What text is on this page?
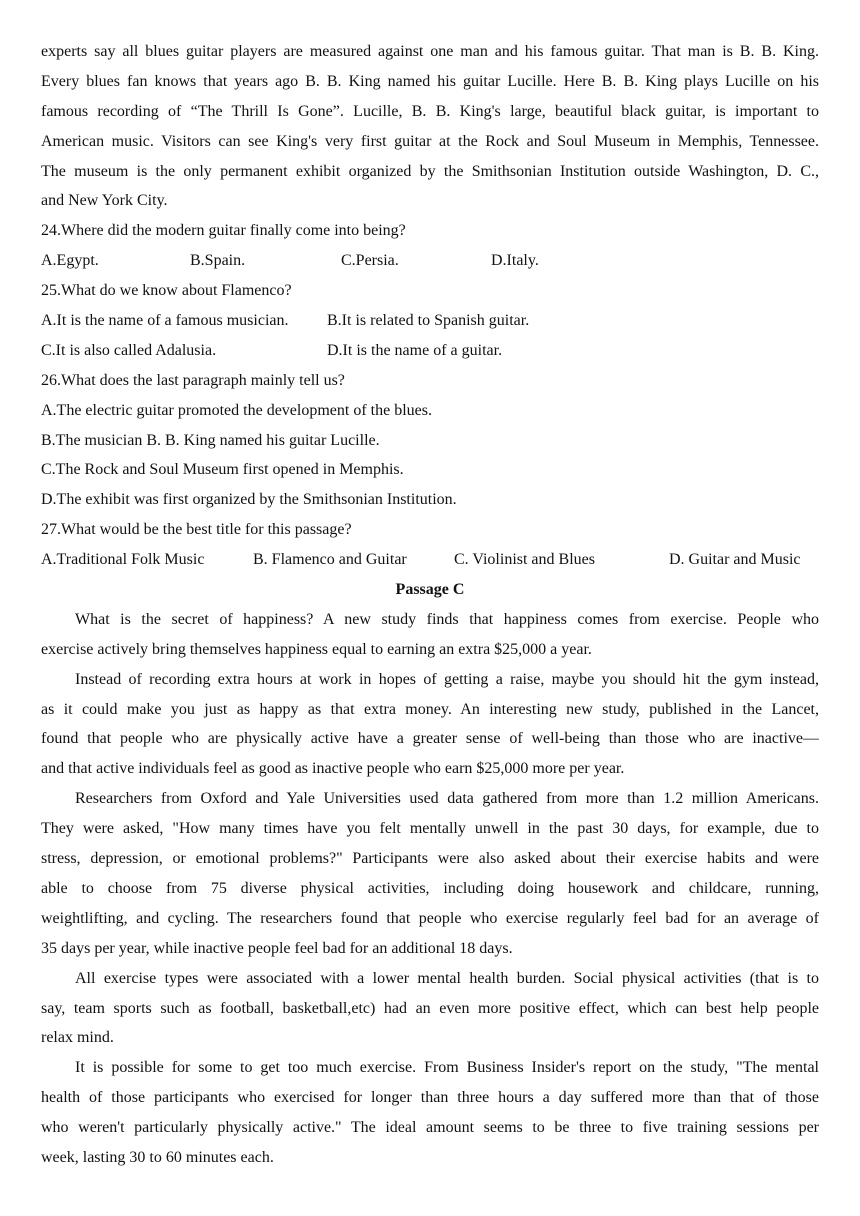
experts say all blues guitar players are measured against one man and his famous guitar. That man is B. B. King.

Every blues fan knows that years ago B. B. King named his guitar Lucille. Here B. B. King plays Lucille on his

famous recording of “The Thrill Is Gone”. Lucille, B. B. King's large, beautiful black guitar, is important to

American music. Visitors can see King's very first guitar at the Rock and Soul Museum in Memphis, Tennessee.

The museum is the only permanent exhibit organized by the Smithsonian Institution outside Washington, D. C.,

and New York City.

24.Where did the modern guitar finally come into being?

A.Egypt.	B.Spain.	C.Persia.	D.Italy.

25.What do we know about Flamenco?

A.It is the name of a famous musician.	B.It is related to Spanish guitar.

C.It is also called Adalusia.	D.It is the name of a guitar.

26.What does the last paragraph mainly tell us?

A.The electric guitar promoted the development of the blues.

B.The musician B. B. King named his guitar Lucille.

C.The Rock and Soul Museum first opened in Memphis.

D.The exhibit was first organized by the Smithsonian Institution.

27.What would be the best title for this passage?

A.Traditional Folk Music	B. Flamenco and Guitar	C. Violinist and Blues	D. Guitar and Music

Passage C

What is the secret of happiness? A new study finds that happiness comes from exercise. People who

exercise actively bring themselves happiness equal to earning an extra $25,000 a year.

Instead of recording extra hours at work in hopes of getting a raise, maybe you should hit the gym instead,

as it could make you just as happy as that extra money. An interesting new study, published in the Lancet,

found that people who are physically active have a greater sense of well-being than those who are inactive—

and that active individuals feel as good as inactive people who earn $25,000 more per year.

Researchers from Oxford and Yale Universities used data gathered from more than 1.2 million Americans.

They were asked, "How many times have you felt mentally unwell in the past 30 days, for example, due to

stress, depression, or emotional problems?" Participants were also asked about their exercise habits and were

able to choose from 75 diverse physical activities, including doing housework and childcare, running,

weightlifting, and cycling. The researchers found that people who exercise regularly feel bad for an average of

35 days per year, while inactive people feel bad for an additional 18 days.

All exercise types were associated with a lower mental health burden. Social physical activities (that is to

say, team sports such as football, basketball,etc) had an even more positive effect, which can best help people

relax mind.

It is possible for some to get too much exercise. From Business Insider's report on the study, "The mental

health of those participants who exercised for longer than three hours a day suffered more than that of those

who weren't particularly physically active." The ideal amount seems to be three to five training sessions per

week, lasting 30 to 60 minutes each.
